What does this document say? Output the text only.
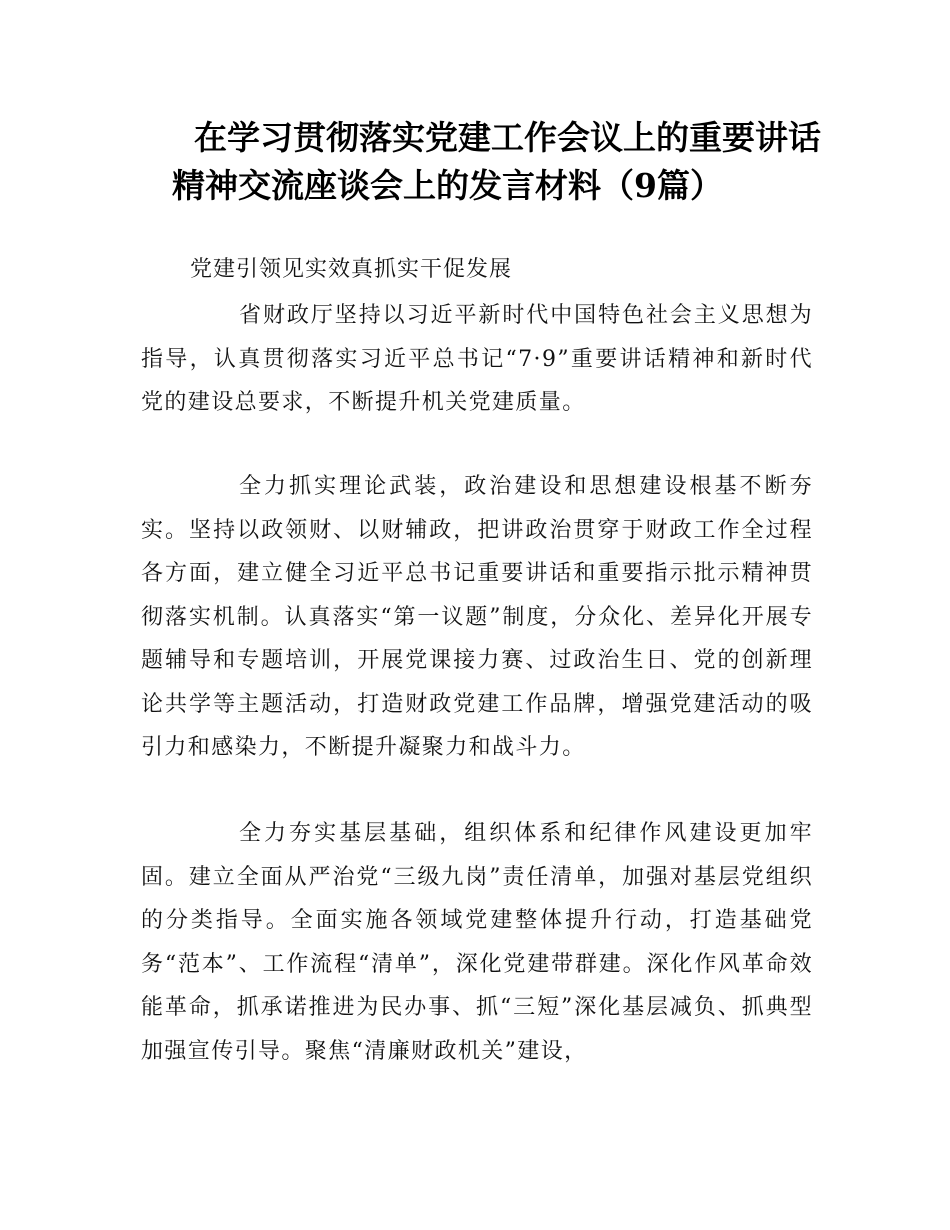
在学习贯彻落实党建工作会议上的重要讲话精神交流座谈会上的发言材料（9篇）

党建引领见实效真抓实干促发展

省财政厅坚持以习近平新时代中国特色社会主义思想为指导，认真贯彻落实习近平总书记“7·9”重要讲话精神和新时代党的建设总要求，不断提升机关党建质量。

全力抓实理论武装，政治建设和思想建设根基不断夯实。坚持以政领财、以财辅政，把讲政治贯穿于财政工作全过程各方面，建立健全习近平总书记重要讲话和重要指示批示精神贯彻落实机制。认真落实“第一议题”制度，分众化、差异化开展专题辅导和专题培训，开展党课接力赛、过政治生日、党的创新理论共学等主题活动，打造财政党建工作品牌，增强党建活动的吸引力和感染力，不断提升凝聚力和战斗力。

全力夯实基层基础，组织体系和纪律作风建设更加牢固。建立全面从严治党“三级九岗”责任清单，加强对基层党组织的分类指导。全面实施各领域党建整体提升行动，打造基础党务“范本”、工作流程“清单”，深化党建带群建。深化作风革命效能革命，抓承诺推进为民办事、抓“三短”深化基层减负、抓典型加强宣传引导。聚焦“清廉财政机关”建设，
